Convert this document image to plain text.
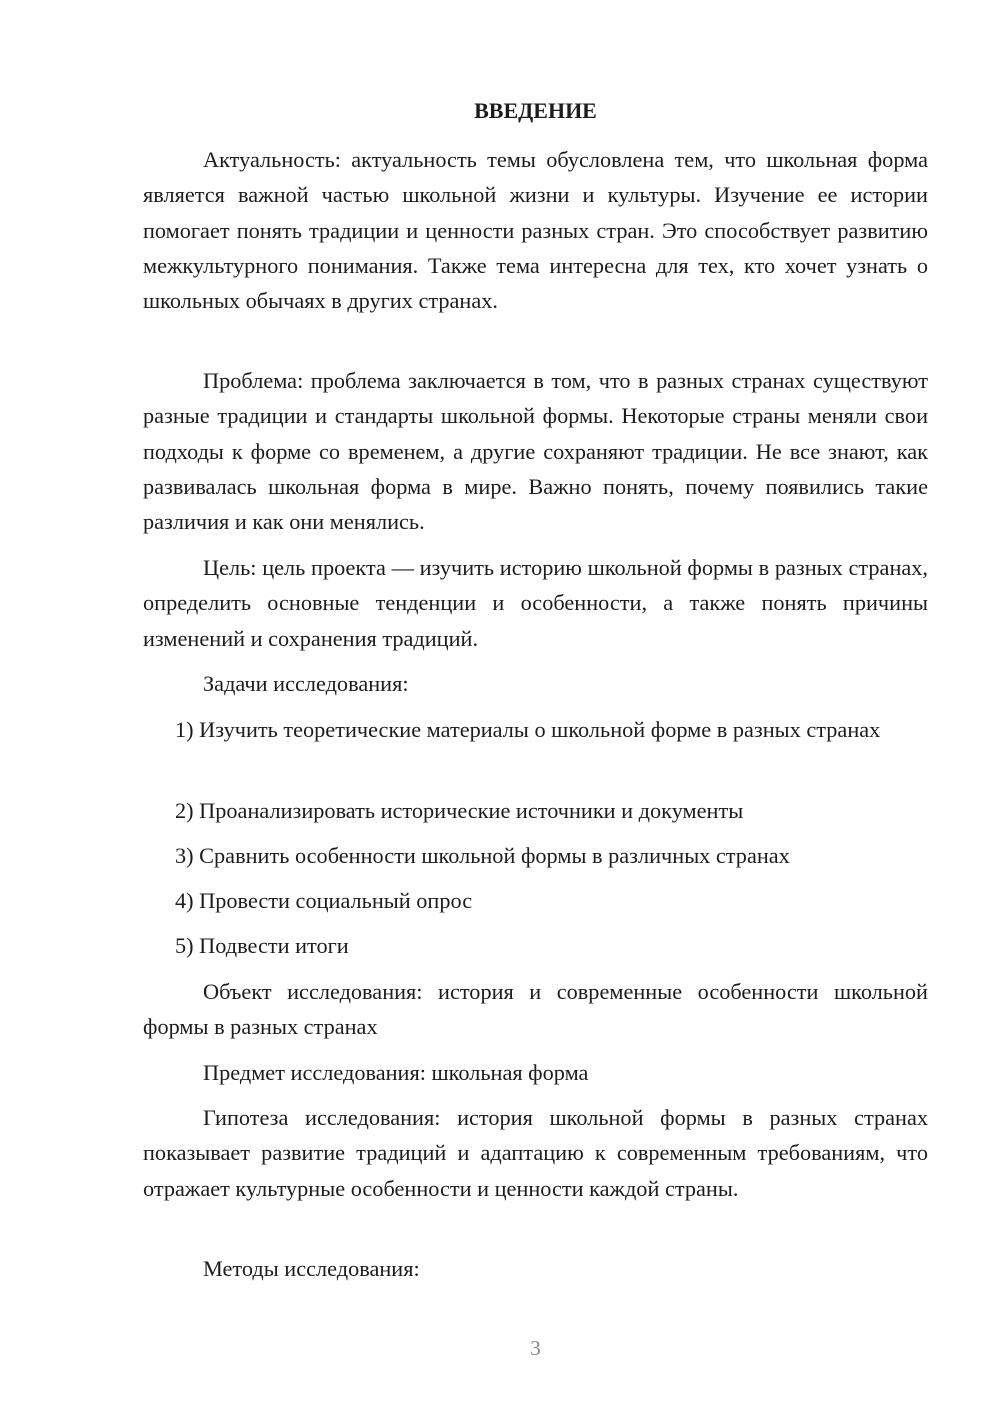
ВВЕДЕНИЕ

Актуальность: актуальность темы обусловлена тем, что школьная форма является важной частью школьной жизни и культуры. Изучение ее истории помогает понять традиции и ценности разных стран. Это способствует развитию межкультурного понимания. Также тема интересна для тех, кто хочет узнать о школьных обычаях в других странах.

Проблема: проблема заключается в том, что в разных странах существуют разные традиции и стандарты школьной формы. Некоторые страны меняли свои подходы к форме со временем, а другие сохраняют традиции. Не все знают, как развивалась школьная форма в мире. Важно понять, почему появились такие различия и как они менялись.

Цель: цель проекта — изучить историю школьной формы в разных странах, определить основные тенденции и особенности, а также понять причины изменений и сохранения традиций.

Задачи исследования:

1) Изучить теоретические материалы о школьной форме в разных странах

2) Проанализировать исторические источники и документы

3) Сравнить особенности школьной формы в различных странах

4) Провести социальный опрос

5) Подвести итоги

Объект исследования: история и современные особенности школьной формы в разных странах

Предмет исследования: школьная форма

Гипотеза исследования: история школьной формы в разных странах показывает развитие традиций и адаптацию к современным требованиям, что отражает культурные особенности и ценности каждой страны.

Методы исследования:

3
